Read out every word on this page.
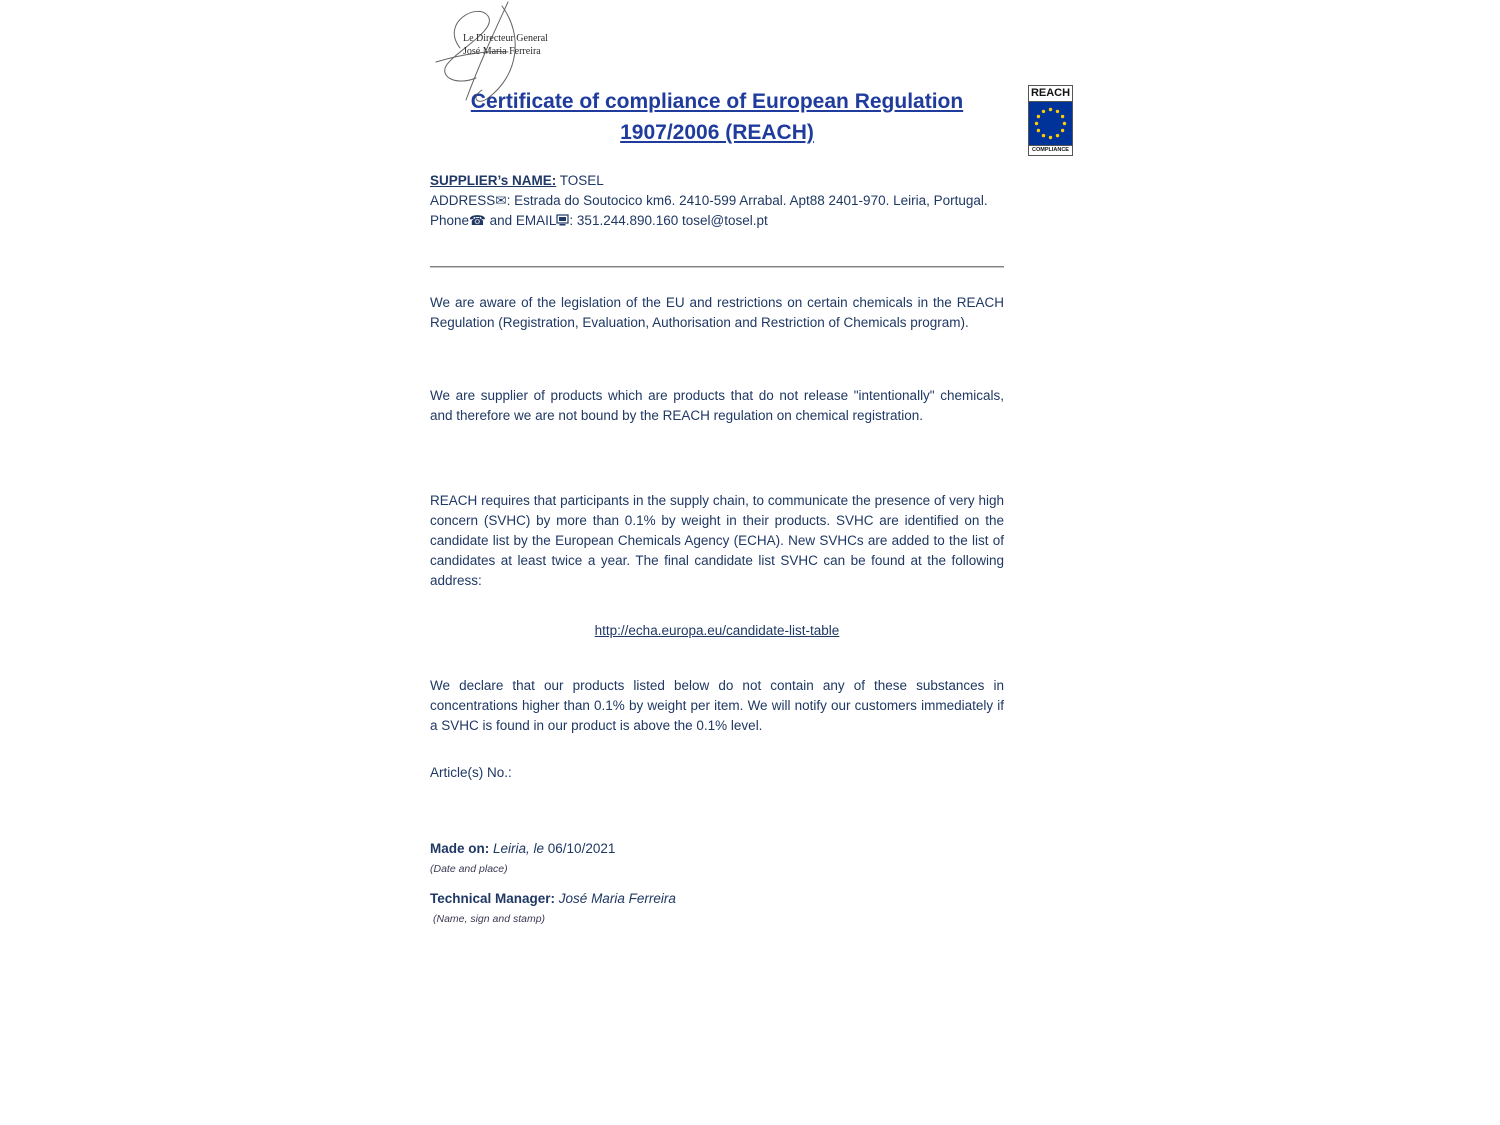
REACH
COMPLIANCE
Certificate of compliance of European Regulation
1907/2006 (REACH)
SUPPLIER’s NAME: TOSEL
ADDRESS✉: Estrada do Soutocico km6. 2410-599 Arrabal. Apt88 2401-970. Leiria, Portugal.
Phone☎ and EMAIL : 351.244.890.160 tosel@tosel.pt
We are aware of the legislation of the EU and restrictions on certain chemicals in the REACH Regulation (Registration, Evaluation, Authorisation and Restriction of Chemicals program).
We are supplier of products which are products that do not release "intentionally" chemicals, and therefore we are not bound by the REACH regulation on chemical registration.
REACH requires that participants in the supply chain, to communicate the presence of very high concern (SVHC) by more than 0.1% by weight in their products. SVHC are identified on the candidate list by the European Chemicals Agency (ECHA). New SVHCs are added to the list of candidates at least twice a year. The final candidate list SVHC can be found at the following address:
http://echa.europa.eu/candidate-list-table
We declare that our products listed below do not contain any of these substances in concentrations higher than 0.1% by weight per item. We will notify our customers immediately if a SVHC is found in our product is above the 0.1% level.
Article(s) No.:
Made on: Leiria, le 06/10/2021
(Date and place)
Technical Manager: José Maria Ferreira
(Name, sign and stamp)
Le Directeur General
José Maria Ferreira
